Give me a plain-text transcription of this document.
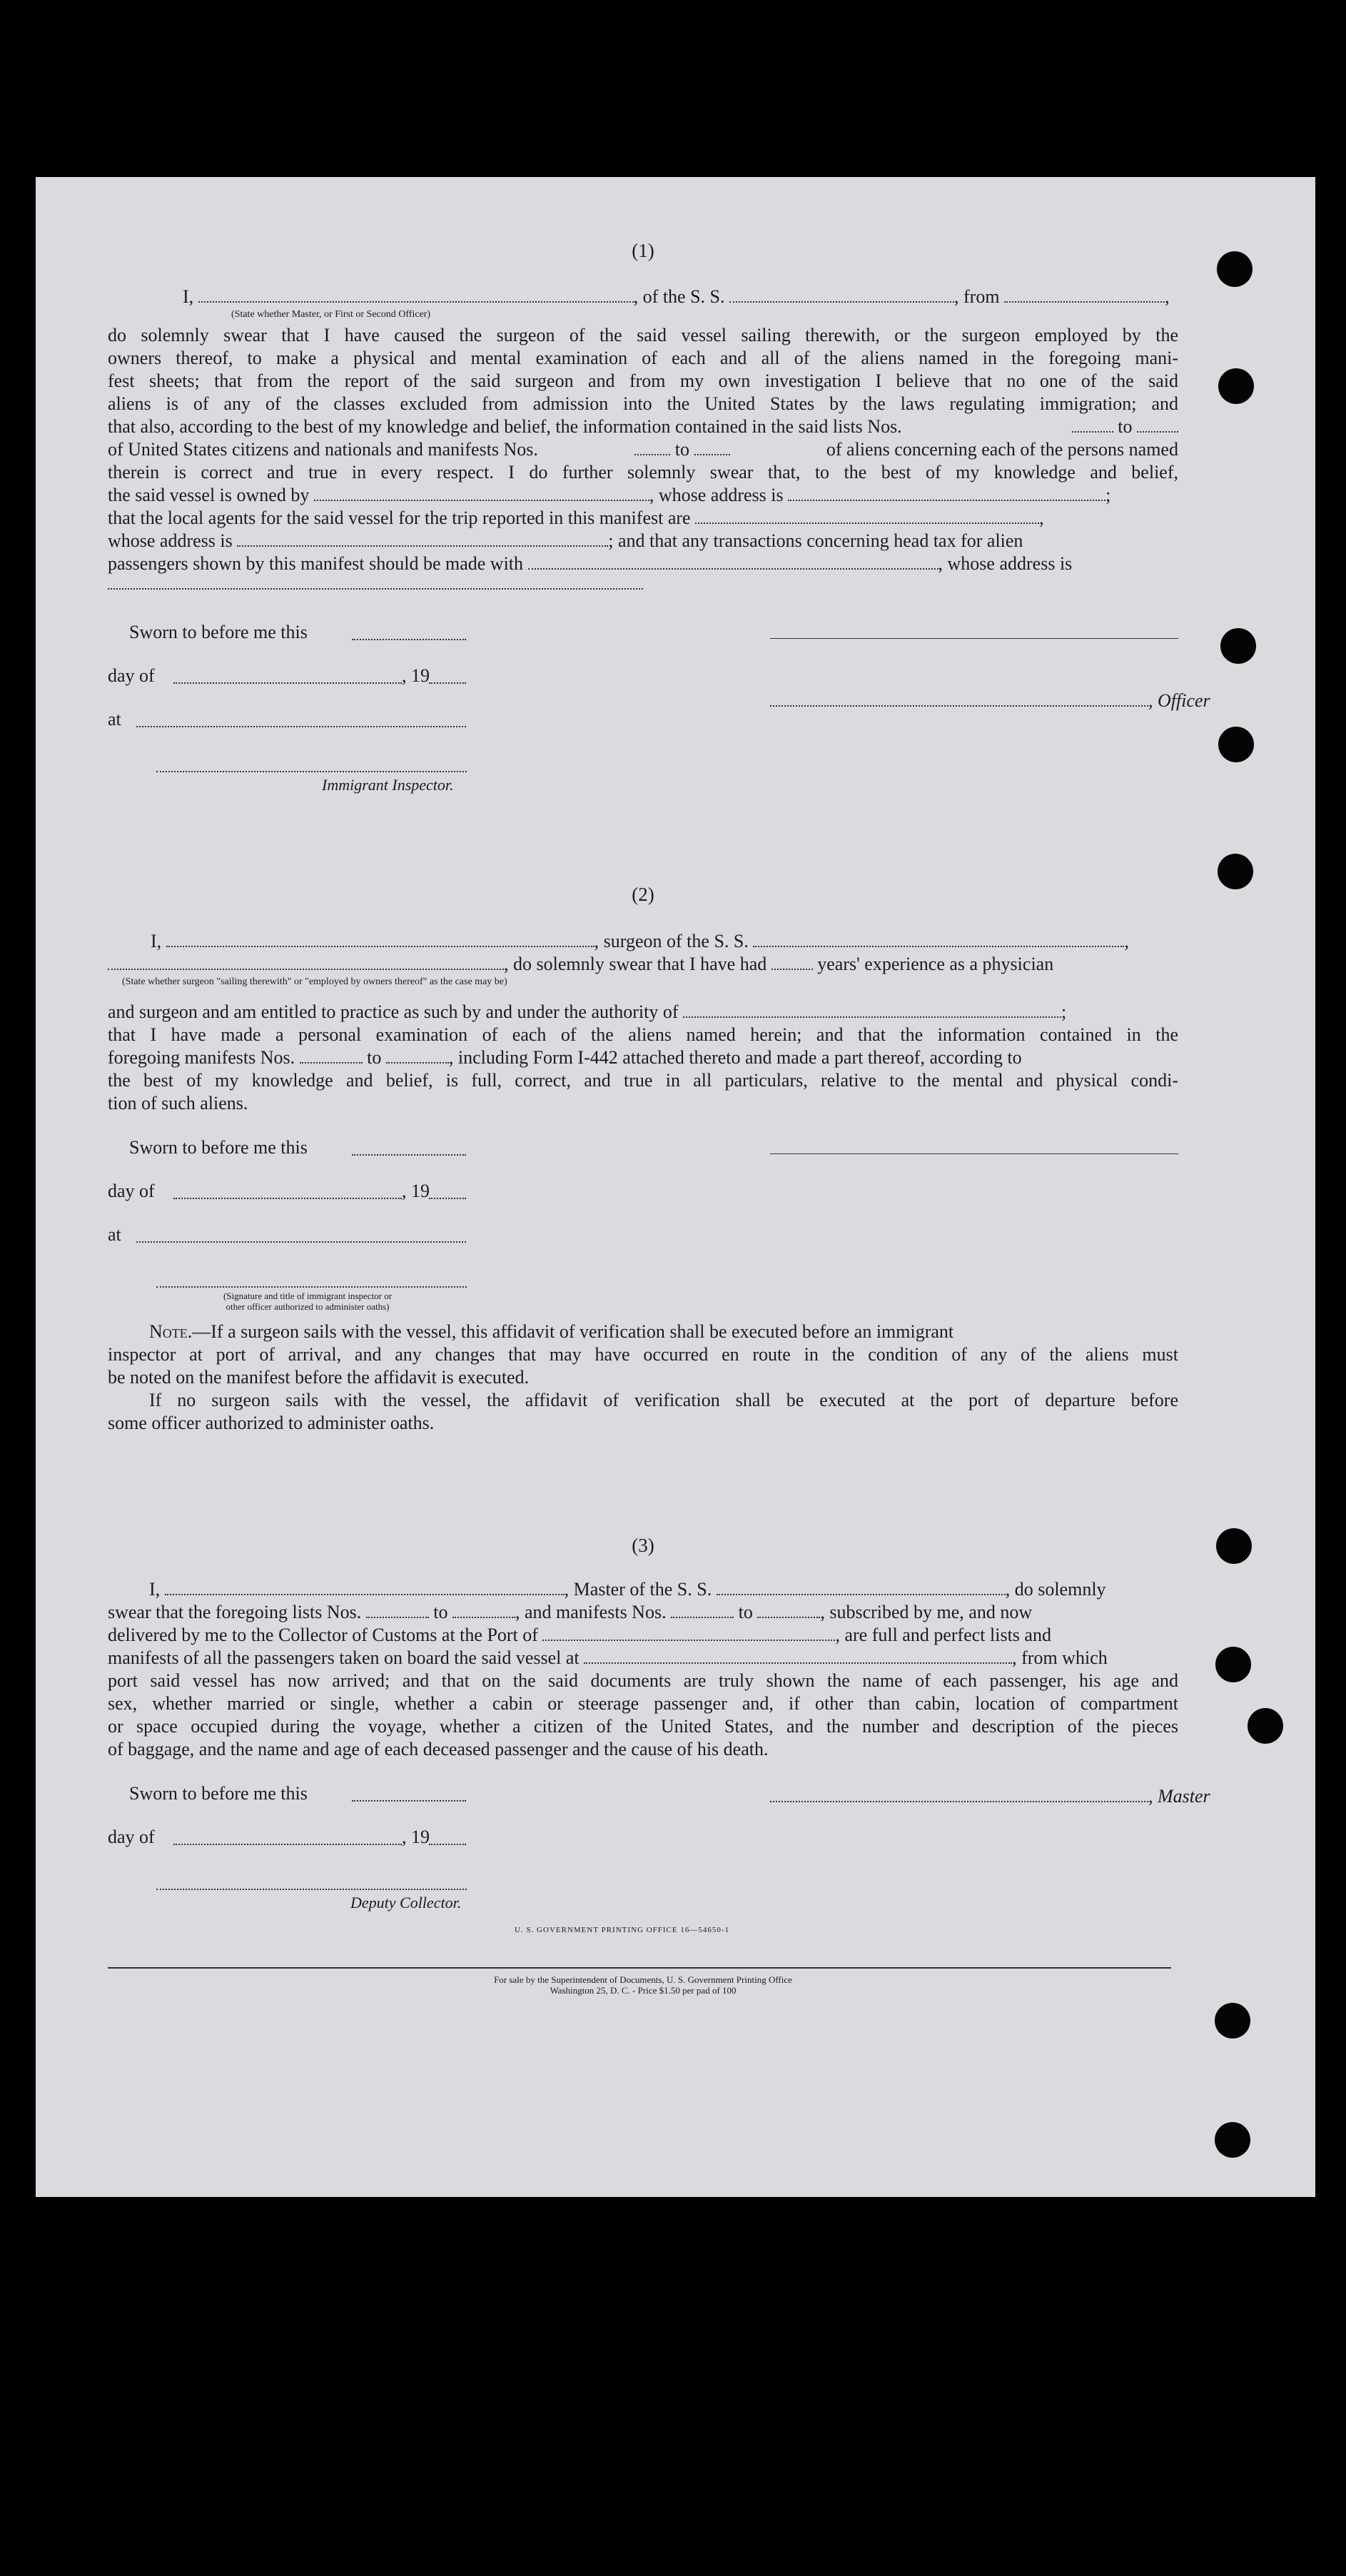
(1)
I,	, of the S. S.	, from	,
(State whether Master, or First or Second Officer)
do solemnly swear that I have caused the surgeon of the said vessel sailing therewith, or the surgeon employed by the
owners thereof, to make a physical and mental examination of each and all of the aliens named in the foregoing mani-
fest sheets; that from the report of the said surgeon and from my own investigation I believe that no one of the said
aliens is of any of the classes excluded from admission into the United States by the laws regulating immigration; and
that also, according to the best of my knowledge and belief, the information contained in the said lists Nos.	to
of United States citizens and nationals and manifests Nos.	to	of aliens concerning each of the persons named
therein is correct and true in every respect. I do further solemnly swear that, to the best of my knowledge and belief,
the said vessel is owned by	, whose address is	;
that the local agents for the said vessel for the trip reported in this manifest are	,
whose address is	; and that any transactions concerning head tax for alien
passengers shown by this manifest should be made with	, whose address is
Sworn to before me this
day of	, 19
at
Immigrant Inspector.
, Officer
(2)
I,	, surgeon of the S. S.	,
, do solemnly swear that I have had	years' experience as a physician
(State whether surgeon "sailing therewith" or "employed by owners thereof" as the case may be)
and surgeon and am entitled to practice as such by and under the authority of	;
that I have made a personal examination of each of the aliens named herein; and that the information contained in the
foregoing manifests Nos.	to	, including Form I-442 attached thereto and made a part thereof, according to
the best of my knowledge and belief, is full, correct, and true in all particulars, relative to the mental and physical condi-
tion of such aliens.
Sworn to before me this
day of	, 19
at
(Signature and title of immigrant inspector or
other officer authorized to administer oaths)
Note.—If a surgeon sails with the vessel, this affidavit of verification shall be executed before an immigrant
inspector at port of arrival, and any changes that may have occurred en route in the condition of any of the aliens must
be noted on the manifest before the affidavit is executed.
If no surgeon sails with the vessel, the affidavit of verification shall be executed at the port of departure before
some officer authorized to administer oaths.
(3)
I,	, Master of the S. S.	, do solemnly
swear that the foregoing lists Nos.	to	, and manifests Nos.	to	, subscribed by me, and now
delivered by me to the Collector of Customs at the Port of	, are full and perfect lists and
manifests of all the passengers taken on board the said vessel at	, from which
port said vessel has now arrived; and that on the said documents are truly shown the name of each passenger, his age and
sex, whether married or single, whether a cabin or steerage passenger and, if other than cabin, location of compartment
or space occupied during the voyage, whether a citizen of the United States, and the number and description of the pieces
of baggage, and the name and age of each deceased passenger and the cause of his death.
Sworn to before me this
day of	, 19
Deputy Collector.
, Master
U. S. GOVERNMENT PRINTING OFFICE 16—54650-1
For sale by the Superintendent of Documents, U. S. Government Printing Office
Washington 25, D. C. - Price $1.50 per pad of 100
